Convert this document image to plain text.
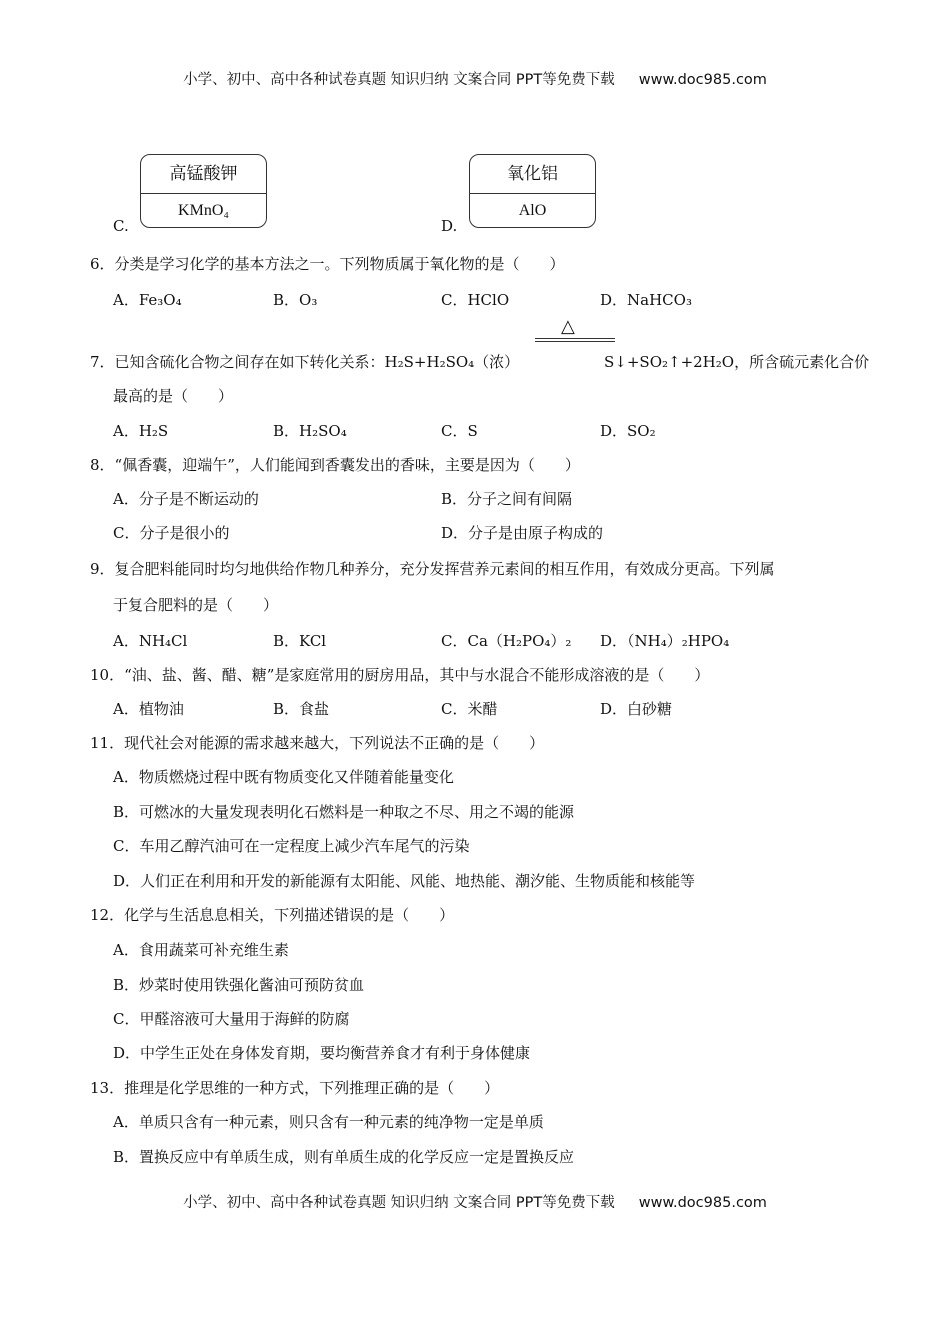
小学、初中、高中各种试卷真题 知识归纳 文案合同 PPT等免费下载 www.doc985.com
C.
高锰酸钾
KMnO₄
D.
氧化铝
AlO
6．分类是学习化学的基本方法之一。下列物质属于氧化物的是（　　）
A．Fe₃O₄	B．O₃	C．HClO	D．NaHCO₃
△
7．已知含硫化合物之间存在如下转化关系：H₂S+H₂SO₄（浓）	S↓+SO₂↑+2H₂O，所含硫元素化合价
最高的是（　　）
A．H₂S	B．H₂SO₄	C．S	D．SO₂
8．“佩香囊，迎端午”，人们能闻到香囊发出的香味，主要是因为（　　）
A．分子是不断运动的	B．分子之间有间隔
C．分子是很小的	D．分子是由原子构成的
9．复合肥料能同时均匀地供给作物几种养分，充分发挥营养元素间的相互作用，有效成分更高。下列属
于复合肥料的是（　　）
A．NH₄Cl	B．KCl	C．Ca（H₂PO₄）₂ D．（NH₄）₂HPO₄
10．“油、盐、酱、醋、糖”是家庭常用的厨房用品，其中与水混合不能形成溶液的是（　　）
A．植物油	B．食盐	C．米醋	D．白砂糖
11．现代社会对能源的需求越来越大，下列说法不正确的是（　　）
A．物质燃烧过程中既有物质变化又伴随着能量变化
B．可燃冰的大量发现表明化石燃料是一种取之不尽、用之不竭的能源
C．车用乙醇汽油可在一定程度上减少汽车尾气的污染
D．人们正在利用和开发的新能源有太阳能、风能、地热能、潮汐能、生物质能和核能等
12．化学与生活息息相关，下列描述错误的是（　　）
A．食用蔬菜可补充维生素
B．炒菜时使用铁强化酱油可预防贫血
C．甲醛溶液可大量用于海鲜的防腐
D．中学生正处在身体发育期，要均衡营养食才有利于身体健康
13．推理是化学思维的一种方式，下列推理正确的是（　　）
A．单质只含有一种元素，则只含有一种元素的纯净物一定是单质
B．置换反应中有单质生成，则有单质生成的化学反应一定是置换反应
小学、初中、高中各种试卷真题 知识归纳 文案合同 PPT等免费下载 www.doc985.com
